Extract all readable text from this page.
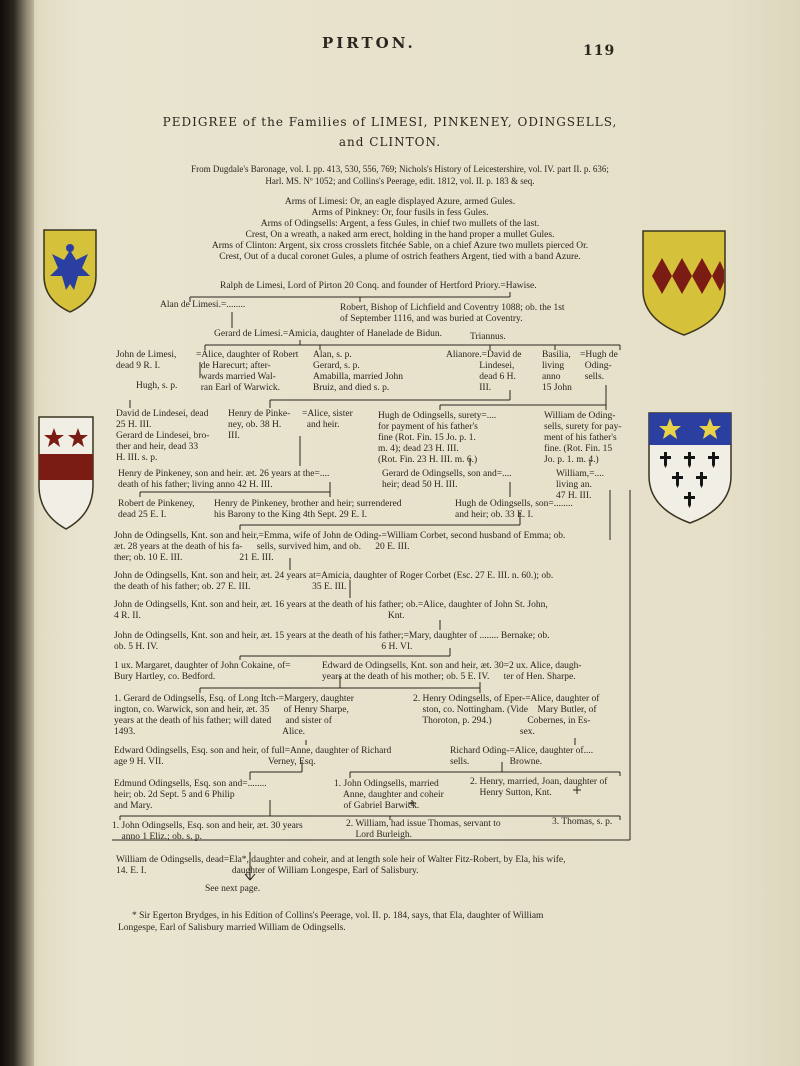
PIRTON.	119
PEDIGREE of the Families of LIMESI, PINKENEY, ODINGSELLS,
and CLINTON.
From Dugdale's Baronage, vol. I. pp. 413, 530, 556, 769; Nichols's History of Leicestershire, vol. IV. part II. p. 636;
Harl. MS. Nº 1052; and Collins's Peerage, edit. 1812, vol. II. p. 183 & seq.
Arms of Limesi: Or, an eagle displayed Azure, armed Gules.
Arms of Pinkney: Or, four fusils in fess Gules.
Arms of Odingsells: Argent, a fess Gules, in chief two mullets of the last.
Crest, On a wreath, a naked arm erect, holding in the hand proper a mullet Gules.
Arms of Clinton: Argent, six cross crosslets fitchée Sable, on a chief Azure two mullets pierced Or.
Crest, Out of a ducal coronet Gules, a plume of ostrich feathers Argent, tied with a band Azure.
Ralph de Limesi, Lord of Pirton 20 Conq. and founder of Hertford Priory.=Hawise.
Alan de Limesi.=........	Robert, Bishop of Lichfield and Coventry 1088; ob. the 1st
of September 1116, and was buried at Coventry.
Gerard de Limesi.=Amicia, daughter of Hanelade de Bidun.	Triannus.
John de Limesi,
dead 9 R. I.
=Alice, daughter of Robert
de Harecurt; after-
wards married Wal-
ran Earl of Warwick.
Hugh, s. p.
Alan, s. p.
Gerard, s. p.
Amabilla, married John
Bruiz, and died s. p.
Alianore.=David de
Lindesei,
dead 6 H.
III.
Basilia,
living
anno
15 John
=Hugh de
Oding-
sells.
David de Lindesei, dead
25 H. III.
Gerard de Lindesei, bro-
ther and heir, dead 33
H. III. s. p.
Henry de Pinke-
ney, ob. 38 H.
III.
=Alice, sister
and heir.
Hugh de Odingsells, surety=....
for payment of his father's
fine (Rot. Fin. 15 Jo. p. 1.
m. 4); dead 23 H. III.
(Rot. Fin. 23 H. III. m. 6.)
William de Oding-
sells, surety for pay-
ment of his father's
fine. (Rot. Fin. 15
Jo. p. 1. m. 4.)
Henry de Pinkeney, son and heir. æt. 26 years at the=....
death of his father; living anno 42 H. III.
Gerard de Odingsells, son and=....
heir; dead 50 H. III.
William,=....
living an.
47 H. III.
Robert de Pinkeney,
dead 25 E. I.
Henry de Pinkeney, brother and heir; surrendered
his Barony to the King 4th Sept. 29 E. I.
Hugh de Odingsells, son=........
and heir; ob. 33 E. I.
John de Odingsells, Knt. son and heir,=Emma, wife of John de Oding-=William Corbet, second husband of Emma; ob.
æt. 28 years at the death of his fa-      sells, survived him, and ob.      20 E. III.
ther; ob. 10 E. III.                        21 E. III.
John de Odingsells, Knt. son and heir, æt. 24 years at=Amicia, daughter of Roger Corbet (Esc. 27 E. III. n. 60.); ob.
the death of his father; ob. 27 E. III.                          35 E. III.
John de Odingsells, Knt. son and heir, æt. 16 years at the death of his father; ob.=Alice, daughter of John St. John,
4 R. II.                                                                                                        Knt.
John de Odingsells, Knt. son and heir, æt. 15 years at the death of his father;=Mary, daughter of ........ Bernake; ob.
ob. 5 H. IV.                                                                                              6 H. VI.
1 ux. Margaret, daughter of John Cokaine, of=
Bury Hartley, co. Bedford.
Edward de Odingsells, Knt. son and heir, æt. 30=2 ux. Alice, daugh-
years at the death of his mother; ob. 5 E. IV.      ter of Hen. Sharpe.
1. Gerard de Odingsells, Esq. of Long Itch-=Margery, daughter
ington, co. Warwick, son and heir, æt. 35      of Henry Sharpe,
years at the death of his father; will dated      and sister of
1493.                                                              Alice.
2. Henry Odingsells, of Eper-=Alice, daughter of
ston, co. Nottingham. (Vide    Mary Butler, of
Thoroton, p. 294.)               Cobernes, in Es-
sex.
Edward Odingsells, Esq. son and heir, of full=Anne, daughter of Richard
age 9 H. VII.                                            Verney, Esq.
Richard Oding-=Alice, daughter of....
sells.                 Browne.
Edmund Odingsells, Esq. son and=........
heir; ob. 2d Sept. 5 and 6 Philip
and Mary.
1. John Odingsells, married
Anne, daughter and coheir
of Gabriel Barwick.
2. Henry, married, Joan, daughter of
Henry Sutton, Knt.
1. John Odingsells, Esq. son and heir, æt. 30 years
anno 1 Eliz.; ob. s. p.
2. William, had issue Thomas, servant to
Lord Burleigh.
3. Thomas, s. p.
William de Odingsells, dead=Ela*, daughter and coheir, and at length sole heir of Walter Fitz-Robert, by Ela, his wife,
14. E. I.                                    daughter of William Longespe, Earl of Salisbury.
See next page.
* Sir Egerton Brydges, in his Edition of Collins's Peerage, vol. II. p. 184, says, that Ela, daughter of William
Longespe, Earl of Salisbury married William de Odingsells.
